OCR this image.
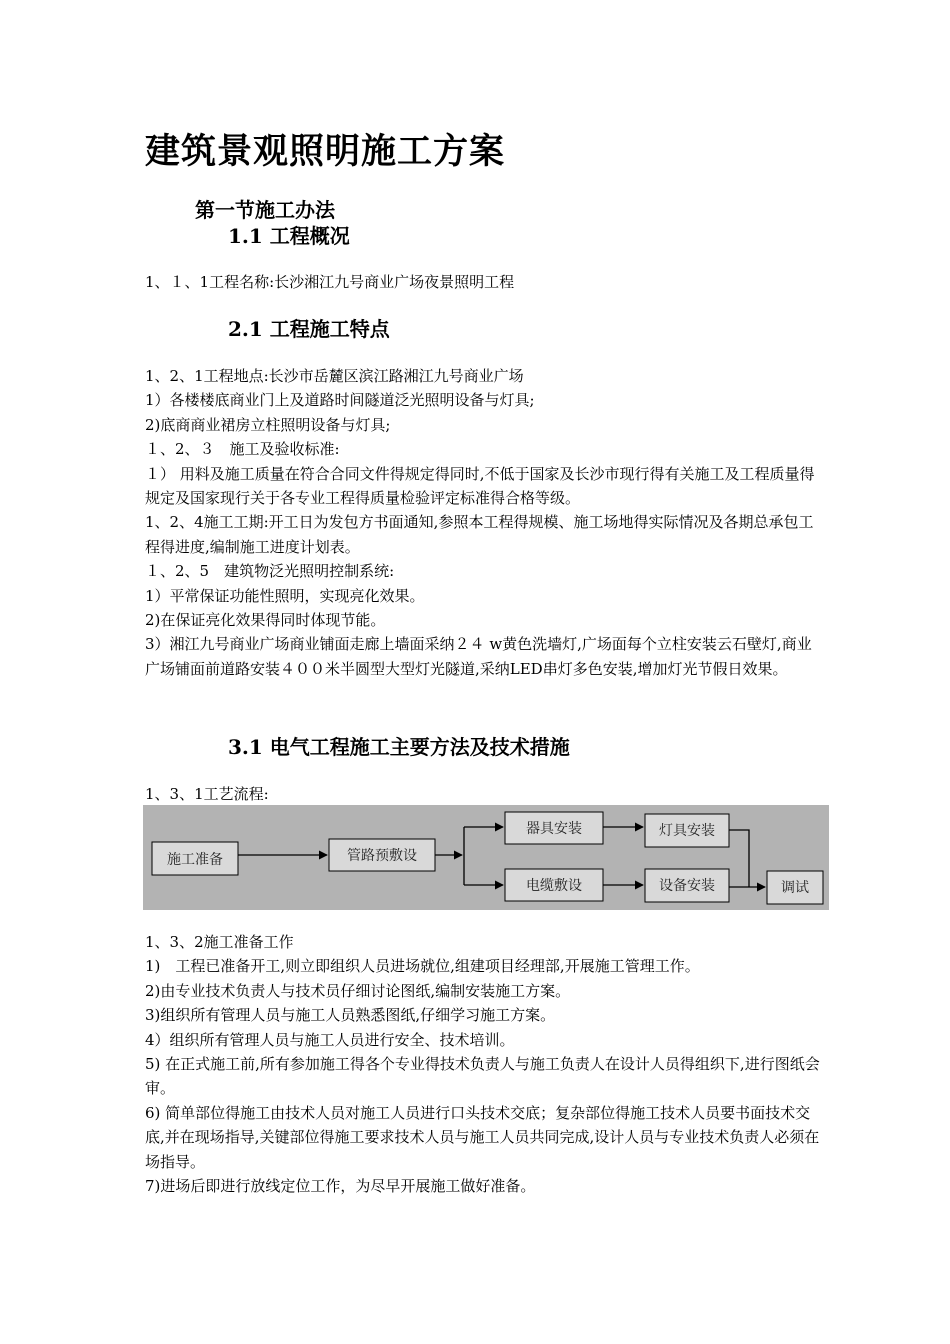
建筑景观照明施工方案
第一节施工办法
1.1 工程概况

1、１、1工程名称:长沙湘江九号商业广场夜景照明工程

2.1 工程施工特点

1、2、1工程地点:长沙市岳麓区滨江路湘江九号商业广场

1）各楼楼底商业门上及道路时间隧道泛光照明设备与灯具;

2)底商商业裙房立柱照明设备与灯具;

１、2、３　施工及验收标准:

１） 用料及施工质量在符合合同文件得规定得同时,不低于国家及长沙市现行得有关施工及工程质量得规定及国家现行关于各专业工程得质量检验评定标准得合格等级。

1、2、4施工工期:开工日为发包方书面通知,参照本工程得规模、施工场地得实际情况及各期总承包工程得进度,编制施工进度计划表。

１、2、5　建筑物泛光照明控制系统:

1）平常保证功能性照明，实现亮化效果。

2)在保证亮化效果得同时体现节能。

3）湘江九号商业广场商业铺面走廊上墙面采纳２４ w黄色洗墙灯,广场面每个立柱安装云石壁灯,商业广场铺面前道路安装４００米半圆型大型灯光隧道,采纳LED串灯多色安装,增加灯光节假日效果。

3.1 电气工程施工主要方法及技术措施

1、3、1工艺流程:

施工准备	管路预敷设
器具安装
电缆敷设
灯具安装
设备安装	调试

1、3、2施工准备工作

1)　工程已准备开工,则立即组织人员进场就位,组建项目经理部,开展施工管理工作。

2)由专业技术负责人与技术员仔细讨论图纸,编制安装施工方案。

3)组织所有管理人员与施工人员熟悉图纸,仔细学习施工方案。

4）组织所有管理人员与施工人员进行安全、技术培训。

5) 在正式施工前,所有参加施工得各个专业得技术负责人与施工负责人在设计人员得组织下,进行图纸会审。

6) 简单部位得施工由技术人员对施工人员进行口头技术交底；复杂部位得施工技术人员要书面技术交底,并在现场指导,关键部位得施工要求技术人员与施工人员共同完成,设计人员与专业技术负责人必须在场指导。

7)进场后即进行放线定位工作，为尽早开展施工做好准备。
